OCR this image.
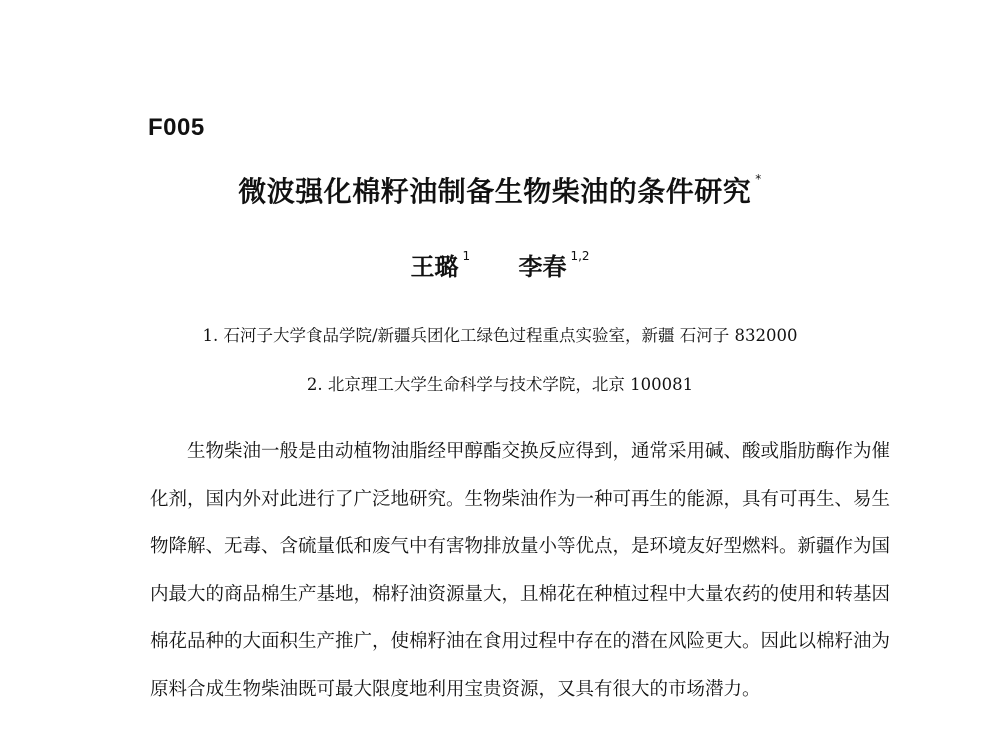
F005
微波强化棉籽油制备生物柴油的条件研究 *
王璐 $^1$ 李春 $^{1,2}$
1. 石河子大学食品学院/新疆兵团化工绿色过程重点实验室，新疆 石河子 832000
2. 北京理工大学生命科学与技术学院，北京 100081

生物柴油一般是由动植物油脂经甲醇酯交换反应得到，通常采用碱、酸或脂肪酶作为催化剂，国内外对此进行了广泛地研究。生物柴油作为一种可再生的能源，具有可再生、易生物降解、无毒、含硫量低和废气中有害物排放量小等优点，是环境友好型燃料。新疆作为国内最大的商品棉生产基地，棉籽油资源量大，且棉花在种植过程中大量农药的使用和转基因棉花品种的大面积生产推广，使棉籽油在食用过程中存在的潜在风险更大。因此以棉籽油为原料合成生物柴油既可最大限度地利用宝贵资源，又具有很大的市场潜力。
